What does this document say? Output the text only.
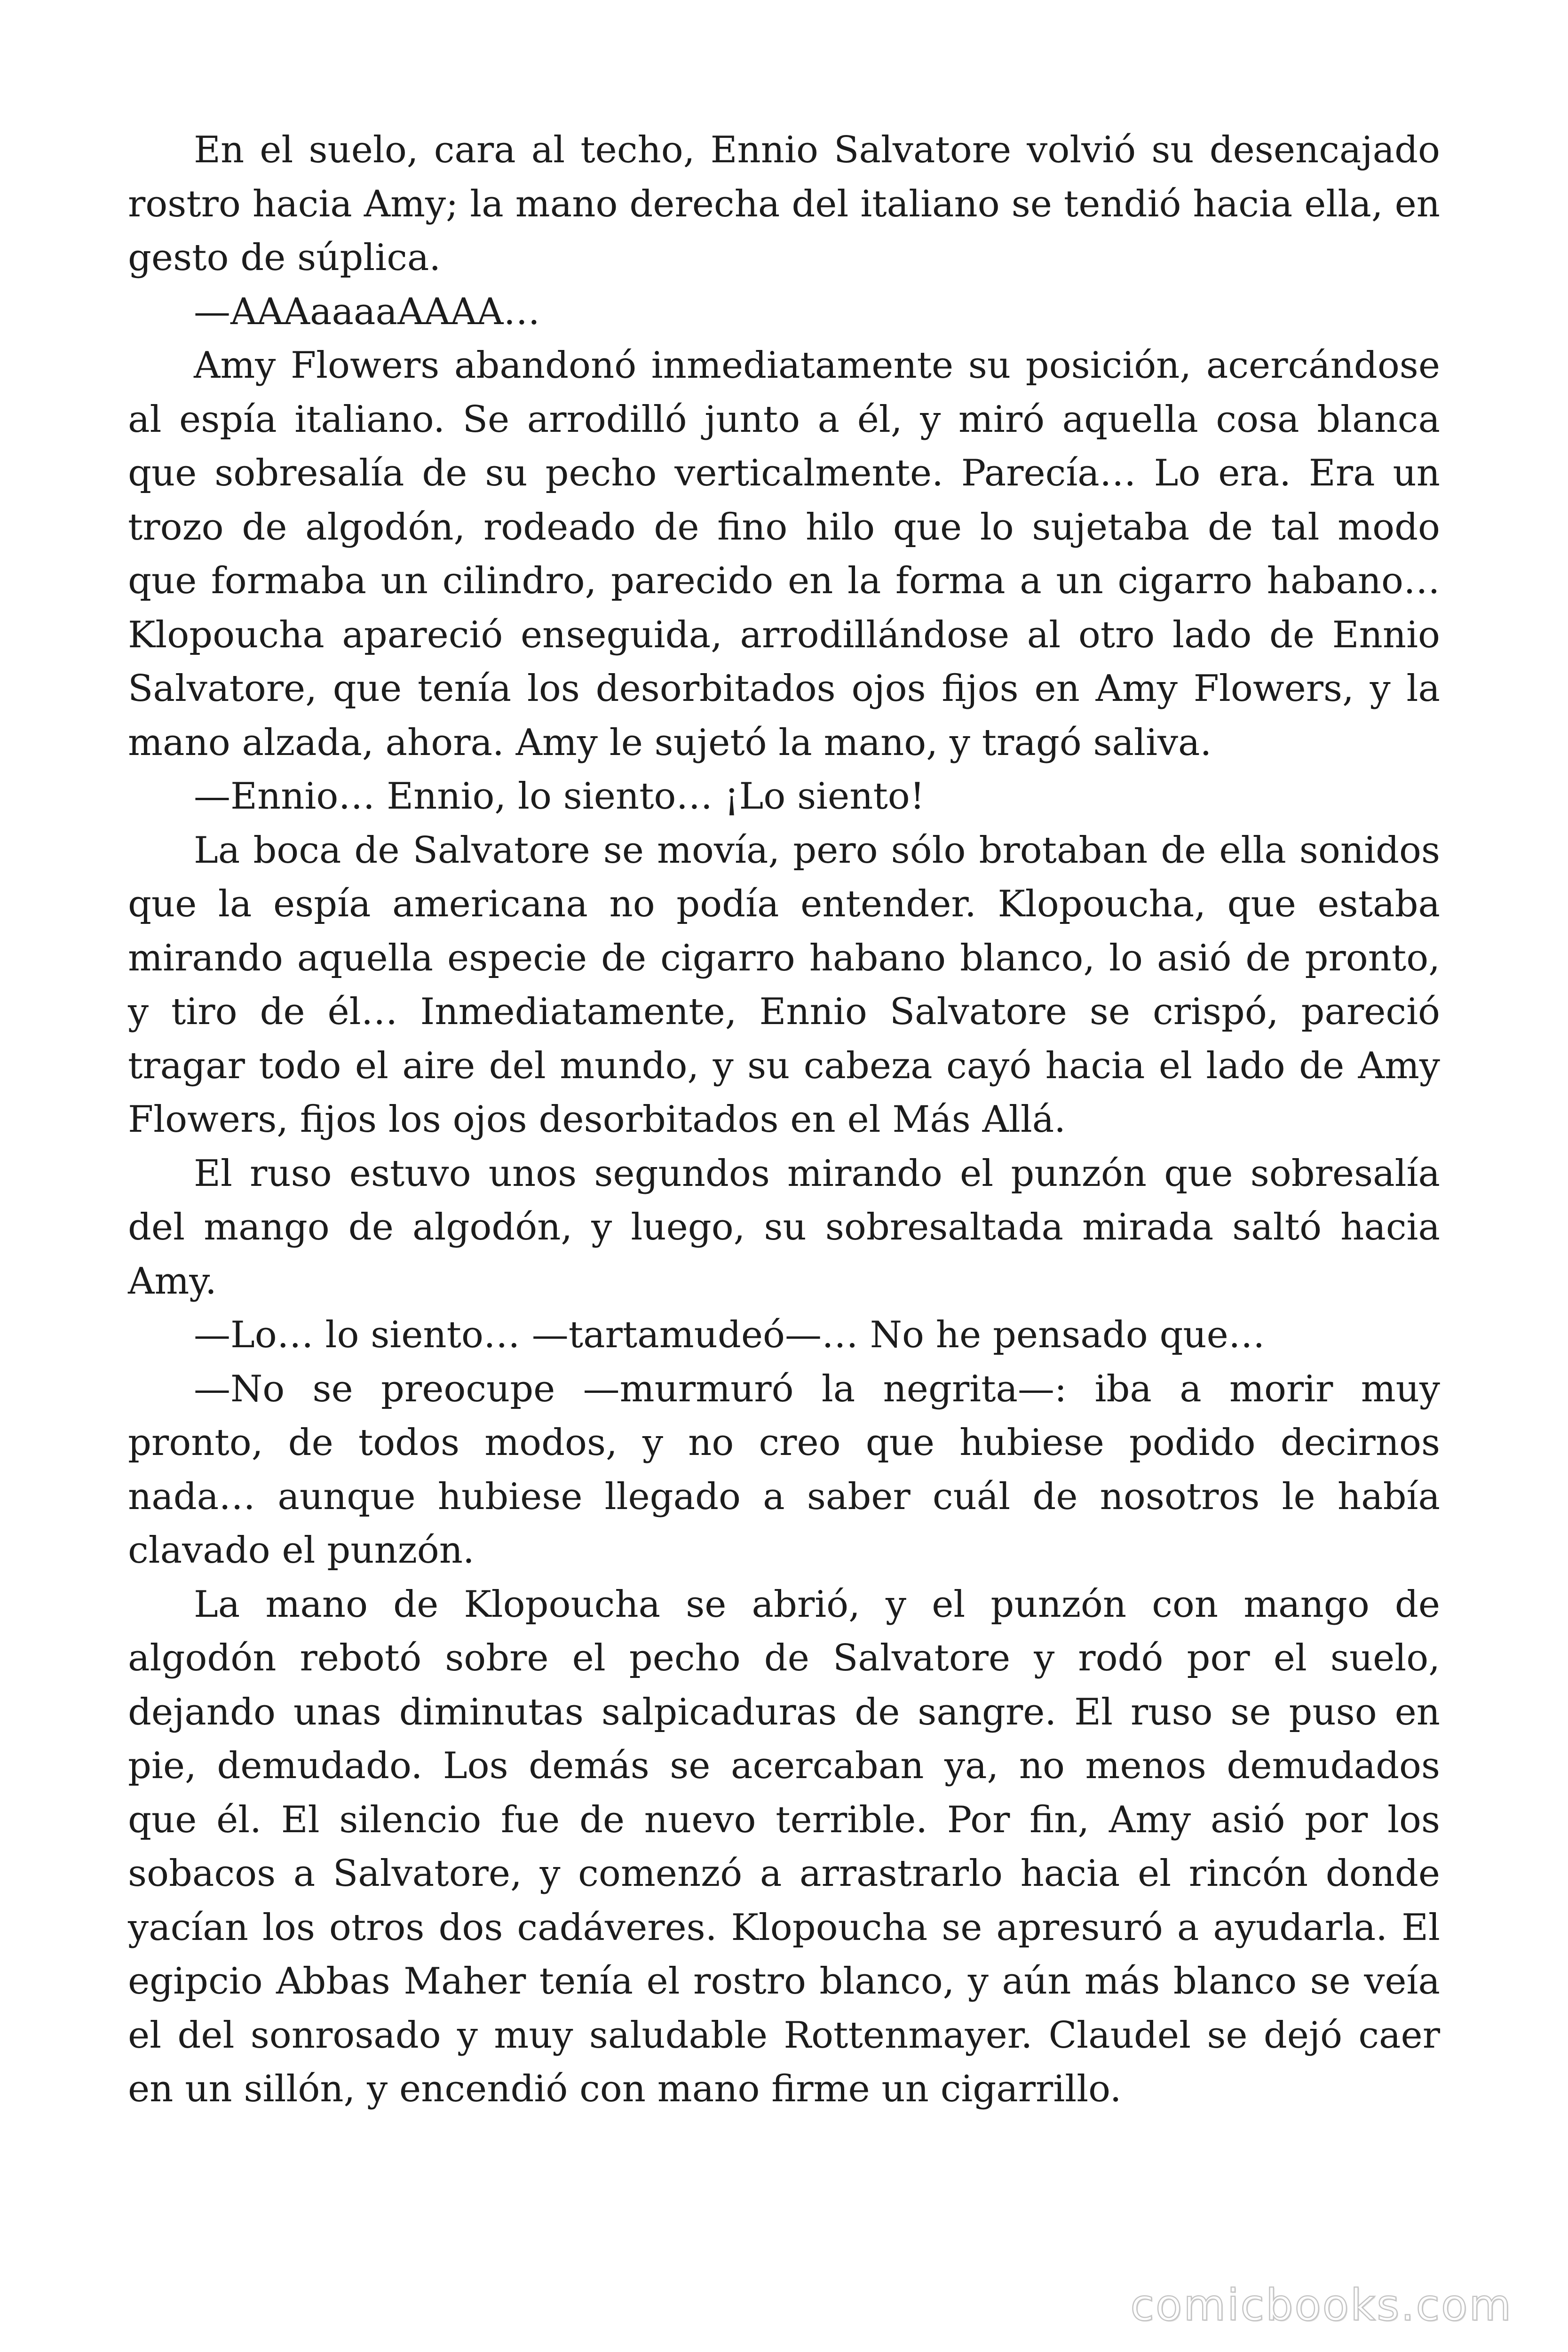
En el suelo, cara al techo, Ennio Salvatore volvió su desencajado rostro hacia Amy; la mano derecha del italiano se tendió hacia ella, en gesto de súplica.

—AAAaaaaAAAA…

Amy Flowers abandonó inmediatamente su posición, acercándose al espía italiano. Se arrodilló junto a él, y miró aquella cosa blanca que sobresalía de su pecho verticalmente. Parecía… Lo era. Era un trozo de algodón, rodeado de fino hilo que lo sujetaba de tal modo que formaba un cilindro, parecido en la forma a un cigarro habano… Klopoucha apareció enseguida, arrodillándose al otro lado de Ennio Salvatore, que tenía los desorbitados ojos fijos en Amy Flowers, y la mano alzada, ahora. Amy le sujetó la mano, y tragó saliva.

—Ennio… Ennio, lo siento… ¡Lo siento!

La boca de Salvatore se movía, pero sólo brotaban de ella sonidos que la espía americana no podía entender. Klopoucha, que estaba mirando aquella especie de cigarro habano blanco, lo asió de pronto, y tiro de él… Inmediatamente, Ennio Salvatore se crispó, pareció tragar todo el aire del mundo, y su cabeza cayó hacia el lado de Amy Flowers, fijos los ojos desorbitados en el Más Allá.

El ruso estuvo unos segundos mirando el punzón que sobresalía del mango de algodón, y luego, su sobresaltada mirada saltó hacia Amy.

—Lo… lo siento… —tartamudeó—… No he pensado que…

—No se preocupe —murmuró la negrita—: iba a morir muy pronto, de todos modos, y no creo que hubiese podido decirnos nada… aunque hubiese llegado a saber cuál de nosotros le había clavado el punzón.

La mano de Klopoucha se abrió, y el punzón con mango de algodón rebotó sobre el pecho de Salvatore y rodó por el suelo, dejando unas diminutas salpicaduras de sangre. El ruso se puso en pie, demudado. Los demás se acercaban ya, no menos demudados que él. El silencio fue de nuevo terrible. Por fin, Amy asió por los sobacos a Salvatore, y comenzó a arrastrarlo hacia el rincón donde yacían los otros dos cadáveres. Klopoucha se apresuró a ayudarla. El egipcio Abbas Maher tenía el rostro blanco, y aún más blanco se veía el del sonrosado y muy saludable Rottenmayer. Claudel se dejó caer en un sillón, y encendió con mano firme un cigarrillo.

comicbooks.com
